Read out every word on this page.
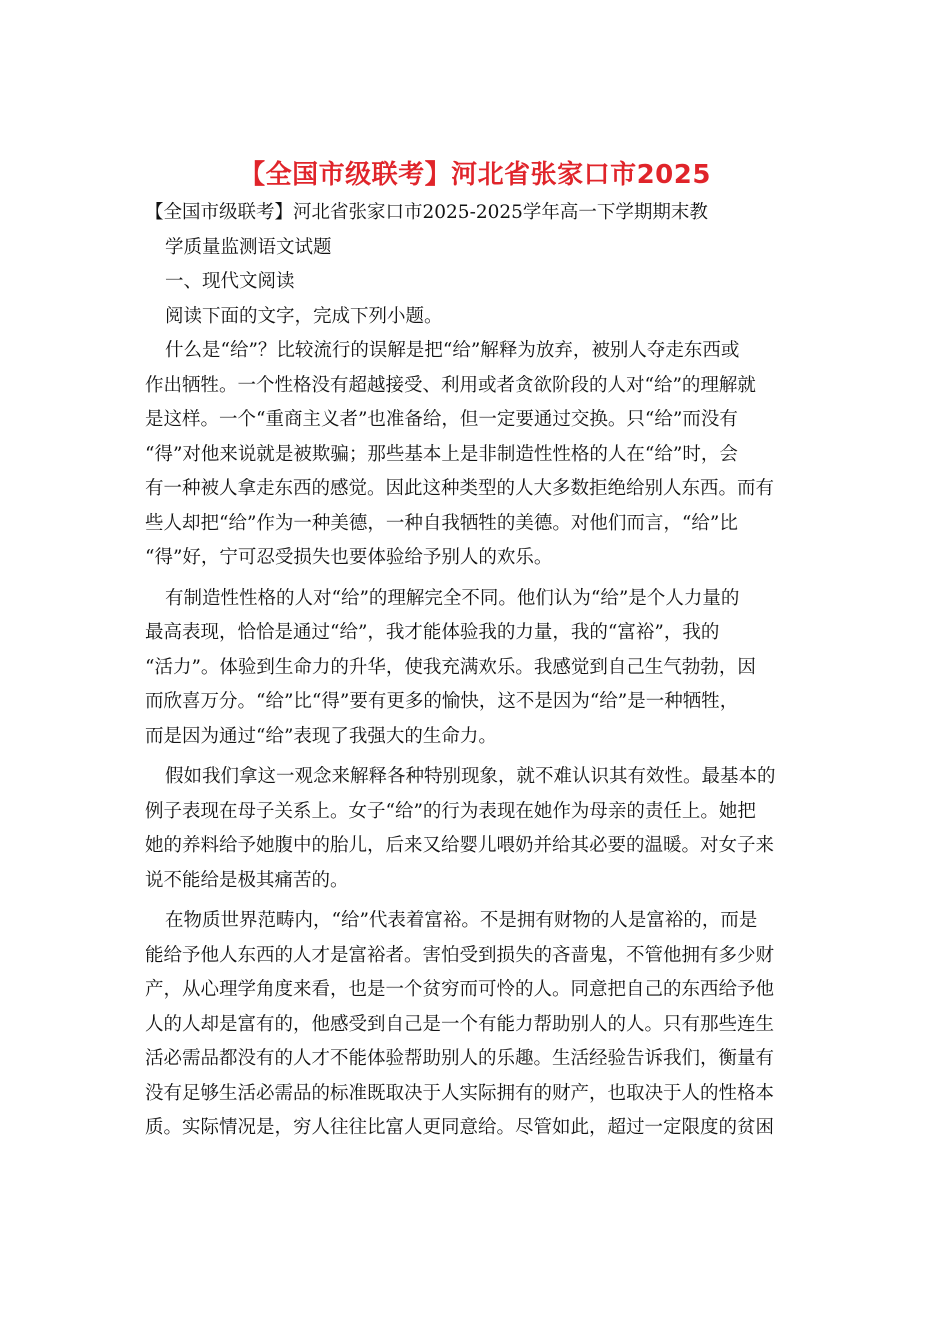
【全国市级联考】河北省张家口市2025
【全国市级联考】河北省张家口市2025-2025学年高一下学期期末教
学质量监测语文试题
一、现代文阅读
阅读下面的文字，完成下列小题。
什么是“给”？比较流行的误解是把“给”解释为放弃，被别人夺走东西或
作出牺牲。一个性格没有超越接受、利用或者贪欲阶段的人对“给”的理解就
是这样。一个“重商主义者”也准备给，但一定要通过交换。只“给”而没有
“得”对他来说就是被欺骗；那些基本上是非制造性性格的人在“给”时，会
有一种被人拿走东西的感觉。因此这种类型的人大多数拒绝给别人东西。而有
些人却把“给”作为一种美德，一种自我牺牲的美德。对他们而言，“给”比
“得”好，宁可忍受损失也要体验给予别人的欢乐。
有制造性性格的人对“给”的理解完全不同。他们认为“给”是个人力量的
最高表现，恰恰是通过“给”，我才能体验我的力量，我的“富裕”，我的
“活力”。体验到生命力的升华，使我充满欢乐。我感觉到自己生气勃勃，因
而欣喜万分。“给”比“得”要有更多的愉快，这不是因为“给”是一种牺牲，
而是因为通过“给”表现了我强大的生命力。
假如我们拿这一观念来解释各种特别现象，就不难认识其有效性。最基本的
例子表现在母子关系上。女子“给”的行为表现在她作为母亲的责任上。她把
她的养料给予她腹中的胎儿，后来又给婴儿喂奶并给其必要的温暖。对女子来
说不能给是极其痛苦的。
在物质世界范畴内，“给”代表着富裕。不是拥有财物的人是富裕的，而是
能给予他人东西的人才是富裕者。害怕受到损失的吝啬鬼，不管他拥有多少财
产，从心理学角度来看，也是一个贫穷而可怜的人。同意把自己的东西给予他
人的人却是富有的，他感受到自己是一个有能力帮助别人的人。只有那些连生
活必需品都没有的人才不能体验帮助别人的乐趣。生活经验告诉我们，衡量有
没有足够生活必需品的标准既取决于人实际拥有的财产，也取决于人的性格本
质。实际情况是，穷人往往比富人更同意给。尽管如此，超过一定限度的贫困
